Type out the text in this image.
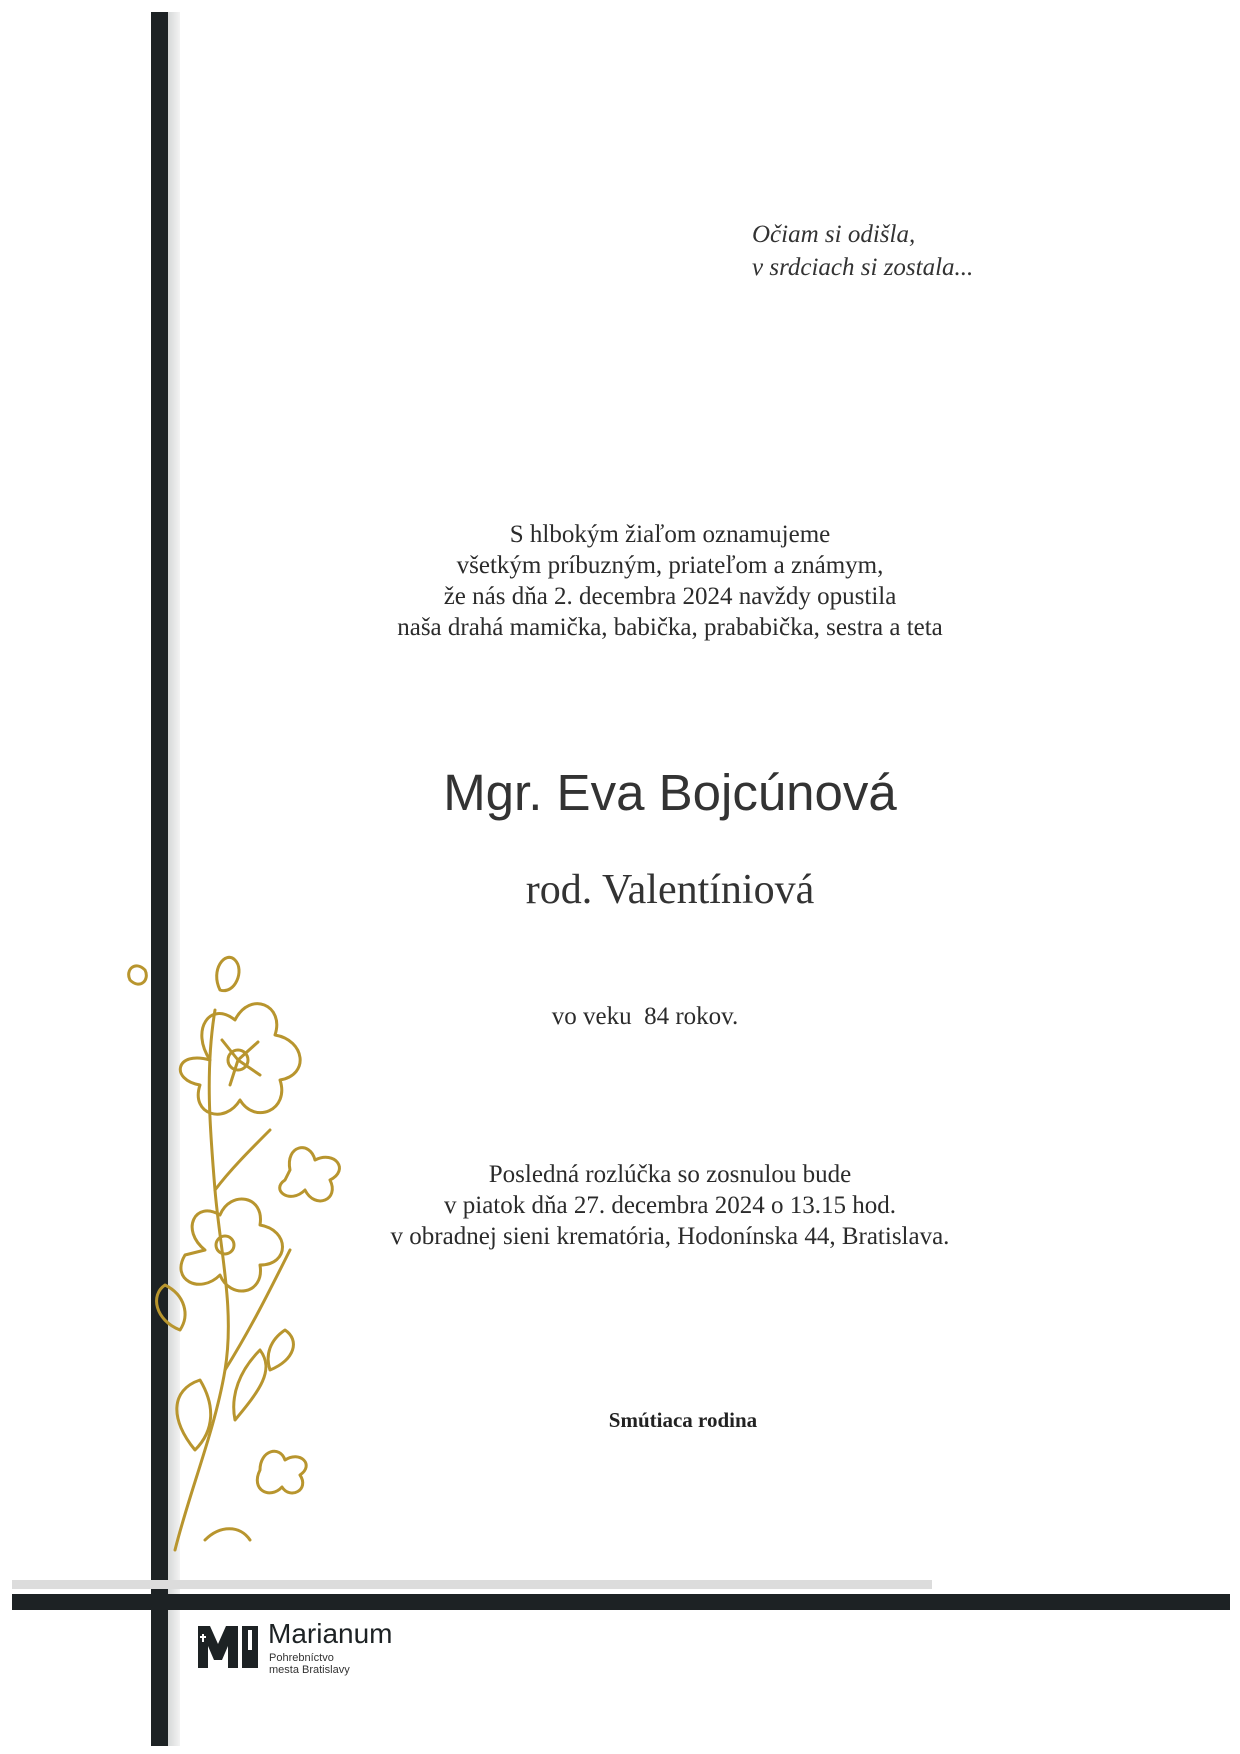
Očiam si odišla,
v srdciach si zostala...
S hlbokým žiaľom oznamujeme
všetkým príbuzným, priateľom a známym,
že nás dňa 2. decembra 2024 navždy opustila
naša drahá mamička, babička, prababička, sestra a teta
Mgr. Eva Bojcúnová
rod. Valentíniová
vo veku  84 rokov.
Posledná rozlúčka so zosnulou bude
v piatok dňa 27. decembra 2024 o 13.15 hod.
v obradnej sieni krematória, Hodonínska 44, Bratislava.
Smútiaca rodina
Marianum
Pohrebníctvo
mesta Bratislavy
